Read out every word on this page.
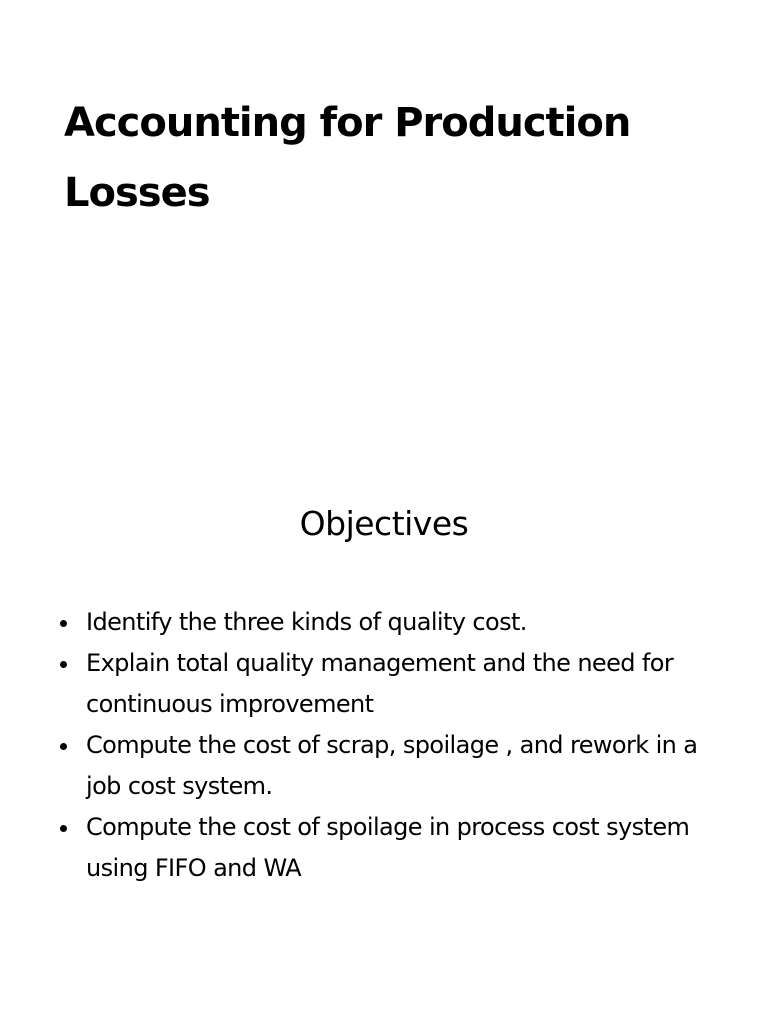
Accounting for Production Losses
Objectives
Identify the three kinds of quality cost.
Explain total quality management and the need for continuous improvement
Compute the cost of scrap, spoilage , and rework in a job cost system.
Compute the cost of spoilage in process cost system using FIFO and WA
